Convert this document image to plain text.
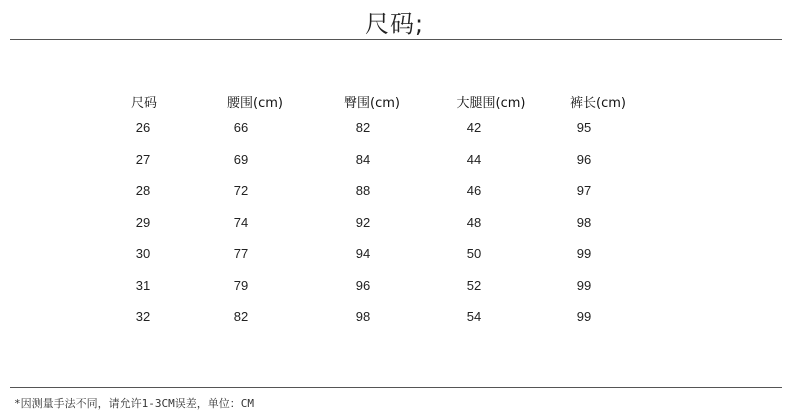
尺码;
尺码	腰围(cm)	臀围(cm)	大腿围(cm)	裤长(cm)
26	66	82	42	95
27	69	84	44	96
28	72	88	46	97
29	74	92	48	98
30	77	94	50	99
31	79	96	52	99
32	82	98	54	99
*因测量手法不同，请允许1-3CM误差，单位：CM
